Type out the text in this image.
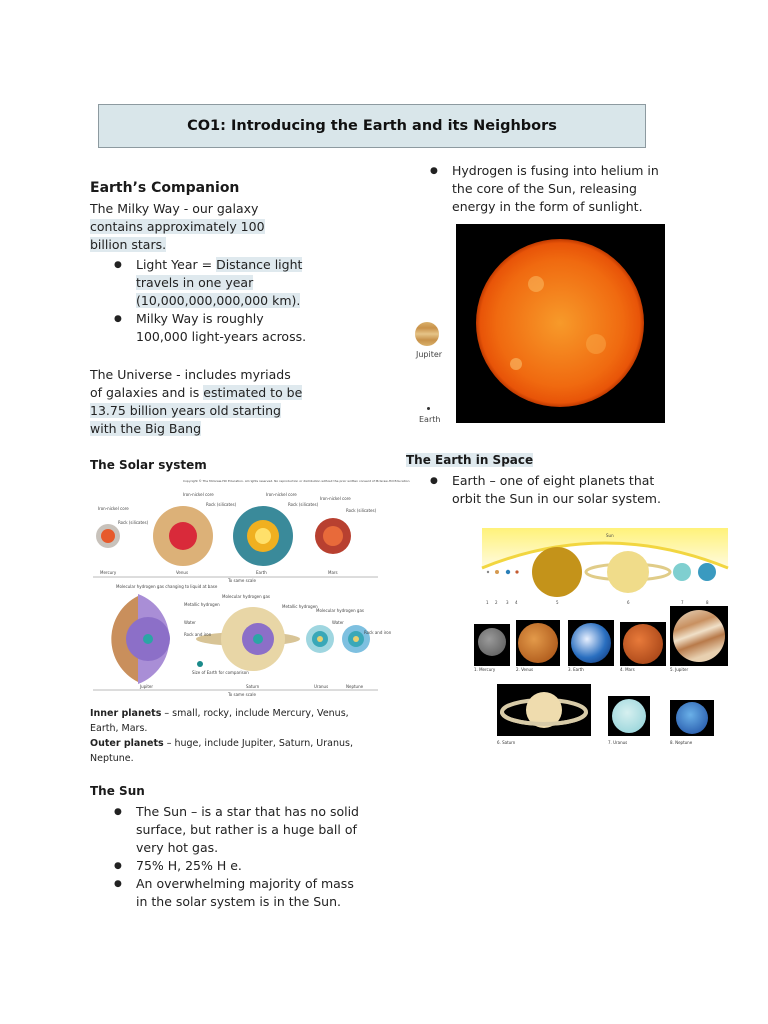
CO1: Introducing the Earth and its Neighbors
Earth’s Companion
The Milky Way - our galaxy
contains approximately 100 billion stars.
● Light Year = Distance light travels in one year (10,000,000,000,000 km).
● Milky Way is roughly 100,000 light-years across.
The Universe - includes myriads of galaxies and is estimated to be 13.75 billion years old starting with the Big Bang
The Solar system
Copyright © The McGraw-Hill Education. All rights reserved. No reproduction or distribution without the prior written consent of McGraw-Hill Education
Mercury	Venus	Earth	Mars
To same scale
Iron-nickel core
Rock (silicates)
Iron-nickel core
Rock (silicates)
Iron-nickel core
Rock (silicates)
Iron-nickel core
Rock (silicates)
Molecular hydrogen gas changing to liquid at base
Metallic hydrogen
Water
Rock and iron
Molecular hydrogen gas
Metallic hydrogen
Molecular hydrogen gas
Water
Rock and iron
Size of Earth for comparison
Jupiter	Saturn	Uranus	Neptune
To same scale
Inner planets – small, rocky, include Mercury, Venus, Earth, Mars.
Outer planets – huge, include Jupiter, Saturn, Uranus, Neptune.
The Sun
● The Sun – is a star that has no solid surface, but rather is a huge ball of very hot gas.
● 75% H, 25% H e.
● An overwhelming majority of mass in the solar system is in the Sun.
● Hydrogen is fusing into helium in the core of the Sun, releasing energy in the form of sunlight.
Jupiter
Earth
The Earth in Space
● Earth – one of eight planets that orbit the Sun in our solar system.
Sun
1 2 3 4	5	6	7	8
1. Mercury	2. Venus	3. Earth	4. Mars	5. Jupiter
6. Saturn	7. Uranus	8. Neptune
